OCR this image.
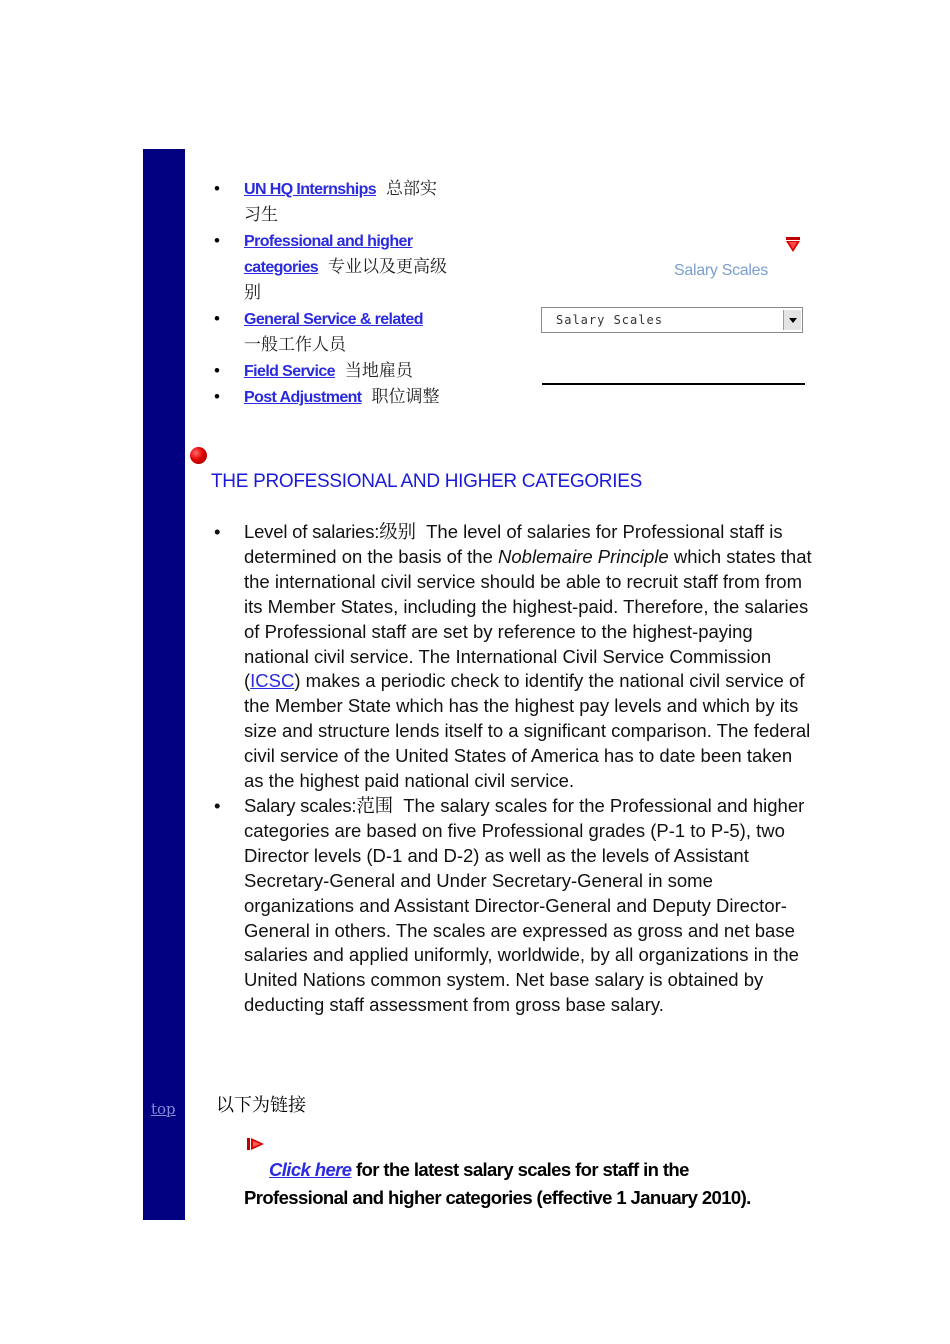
top
• UN HQ Internships 总部实习生
• Professional and higher categories 专业以及更高级别
• General Service & related
一般工作人员
• Field Service 当地雇员
• Post Adjustment 职位调整
Salary Scales
Salary Scales
THE PROFESSIONAL AND HIGHER CATEGORIES
• Level of salaries:级别 The level of salaries for Professional staff is determined on the basis of the Noblemaire Principle which states that the international civil service should be able to recruit staff from from its Member States, including the highest-paid. Therefore, the salaries of Professional staff are set by reference to the highest-paying national civil service. The International Civil Service Commission (ICSC) makes a periodic check to identify the national civil service of the Member State which has the highest pay levels and which by its size and structure lends itself to a significant comparison. The federal civil service of the United States of America has to date been taken as the highest paid national civil service.
• Salary scales:范围 The salary scales for the Professional and higher categories are based on five Professional grades (P-1 to P-5), two Director levels (D-1 and D-2) as well as the levels of Assistant Secretary-General and Under Secretary-General in some organizations and Assistant Director-General and Deputy Director-General in others. The scales are expressed as gross and net base salaries and applied uniformly, worldwide, by all organizations in the United Nations common system. Net base salary is obtained by deducting staff assessment from gross base salary.
以下为链接
Click here for the latest salary scales for staff in the
Professional and higher categories (effective 1 January 2010).
